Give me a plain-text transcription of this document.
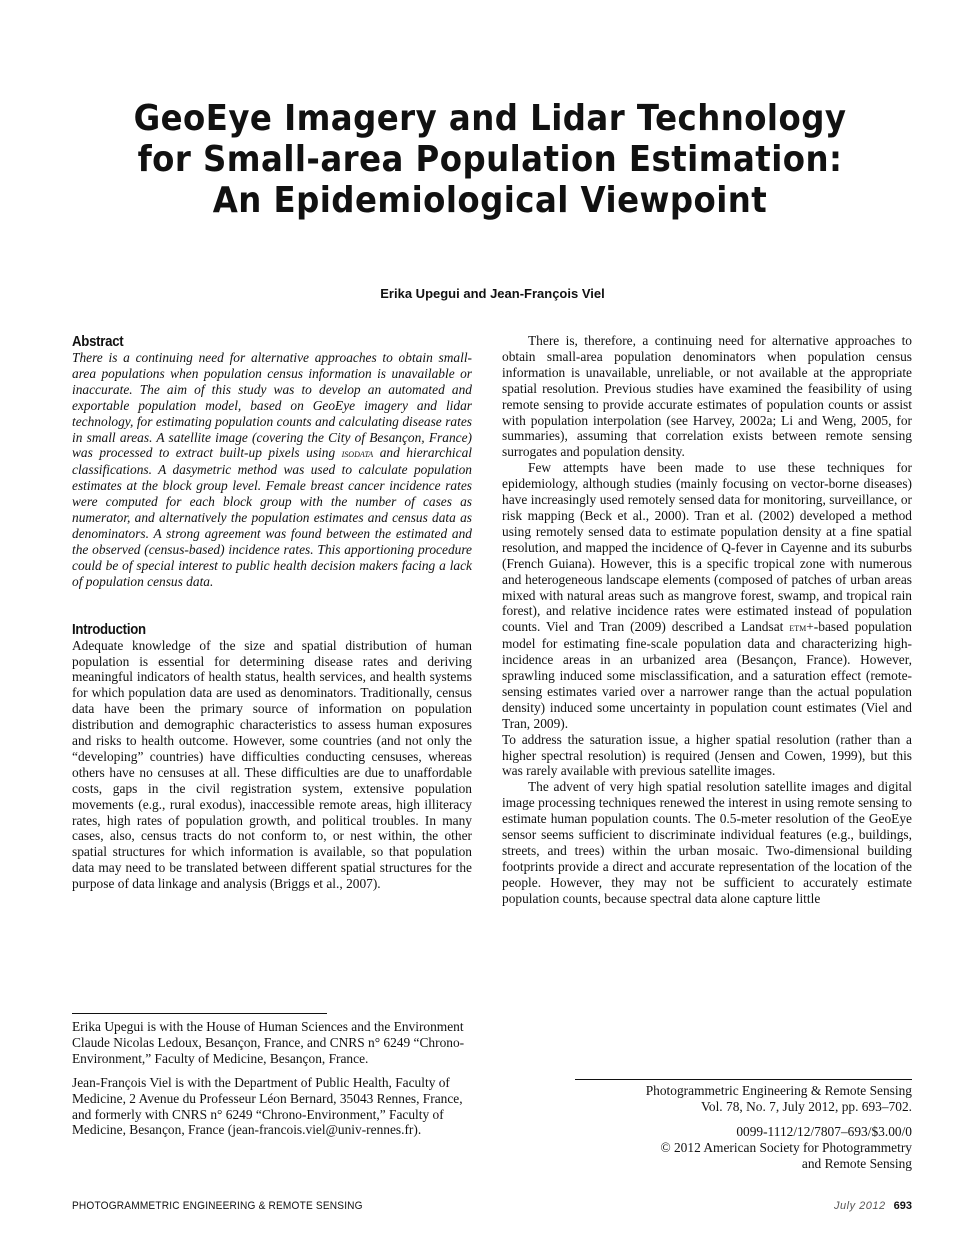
GeoEye Imagery and Lidar Technology
for Small-area Population Estimation:
An Epidemiological Viewpoint
Erika Upegui and Jean-François Viel
Abstract

There is a continuing need for alternative approaches to obtain small-area populations when population census information is unavailable or inaccurate. The aim of this study was to develop an automated and exportable population model, based on GeoEye imagery and lidar technology, for estimating population counts and calculating disease rates in small areas. A satellite image (covering the City of Besançon, France) was processed to extract built-up pixels using isodata and hierarchical classifications. A dasymetric method was used to calculate population estimates at the block group level. Female breast cancer incidence rates were computed for each block group with the number of cases as numerator, and alternatively the population estimates and census data as denominators. A strong agreement was found between the estimated and the observed (census-based) incidence rates. This apportioning procedure could be of special interest to public health decision makers facing a lack of population census data.

Introduction

Adequate knowledge of the size and spatial distribution of human population is essential for determining disease rates and deriving meaningful indicators of health status, health services, and health systems for which population data are used as denominators. Traditionally, census data have been the primary source of information on population distribution and demographic characteristics to assess human exposures and risks to health outcome. However, some countries (and not only the “developing” countries) have difficulties conducting censuses, whereas others have no censuses at all. These difficulties are due to unaffordable costs, gaps in the civil registration system, extensive population movements (e.g., rural exodus), inaccessible remote areas, high illiteracy rates, high rates of population growth, and political troubles. In many cases, also, census tracts do not conform to, or nest within, the other spatial structures for which information is available, so that population data may need to be translated between different spatial structures for the purpose of data linkage and analysis (Briggs et al., 2007).

There is, therefore, a continuing need for alternative approaches to obtain small-area population denominators when population census information is unavailable, unreliable, or not available at the appropriate spatial resolution. Previous studies have examined the feasibility of using remote sensing to provide accurate estimates of population counts or assist with population interpolation (see Harvey, 2002a; Li and Weng, 2005, for summaries), assuming that correlation exists between remote sensing surrogates and population density.

Few attempts have been made to use these techniques for epidemiology, although studies (mainly focusing on vector-borne diseases) have increasingly used remotely sensed data for monitoring, surveillance, or risk mapping (Beck et al., 2000). Tran et al. (2002) developed a method using remotely sensed data to estimate population density at a fine spatial resolution, and mapped the incidence of Q-fever in Cayenne and its suburbs (French Guiana). However, this is a specific tropical zone with numerous and heterogeneous landscape elements (composed of patches of urban areas mixed with natural areas such as mangrove forest, swamp, and tropical rain forest), and relative incidence rates were estimated instead of population counts. Viel and Tran (2009) described a Landsat etm+-based population model for estimating fine-scale population data and characterizing high-incidence areas in an urbanized area (Besançon, France). However, sprawling induced some misclassification, and a saturation effect (remote-sensing estimates varied over a narrower range than the actual population density) induced some uncertainty in population count estimates (Viel and Tran, 2009).

To address the saturation issue, a higher spatial resolution (rather than a higher spectral resolution) is required (Jensen and Cowen, 1999), but this was rarely available with previous satellite images.

The advent of very high spatial resolution satellite images and digital image processing techniques renewed the interest in using remote sensing to estimate human population counts. The 0.5-meter resolution of the GeoEye sensor seems sufficient to discriminate individual features (e.g., buildings, streets, and trees) within the urban mosaic. Two-dimensional building footprints provide a direct and accurate representation of the location of the people. However, they may not be sufficient to accurately estimate population counts, because spectral data alone capture little

Erika Upegui is with the House of Human Sciences and the Environment Claude Nicolas Ledoux, Besançon, France, and CNRS n° 6249 “Chrono-Environment,” Faculty of Medicine, Besançon, France.

Jean-François Viel is with the Department of Public Health, Faculty of Medicine, 2 Avenue du Professeur Léon Bernard, 35043 Rennes, France, and formerly with CNRS n° 6249 “Chrono-Environment,” Faculty of Medicine, Besançon, France (jean-francois.viel@univ-rennes.fr).

Photogrammetric Engineering & Remote Sensing
Vol. 78, No. 7, July 2012, pp. 693–702.
0099-1112/12/7807–693/$3.00/0
© 2012 American Society for Photogrammetry
and Remote Sensing
PHOTOGRAMMETRIC ENGINEERING & REMOTE SENSING	July 2012 693
